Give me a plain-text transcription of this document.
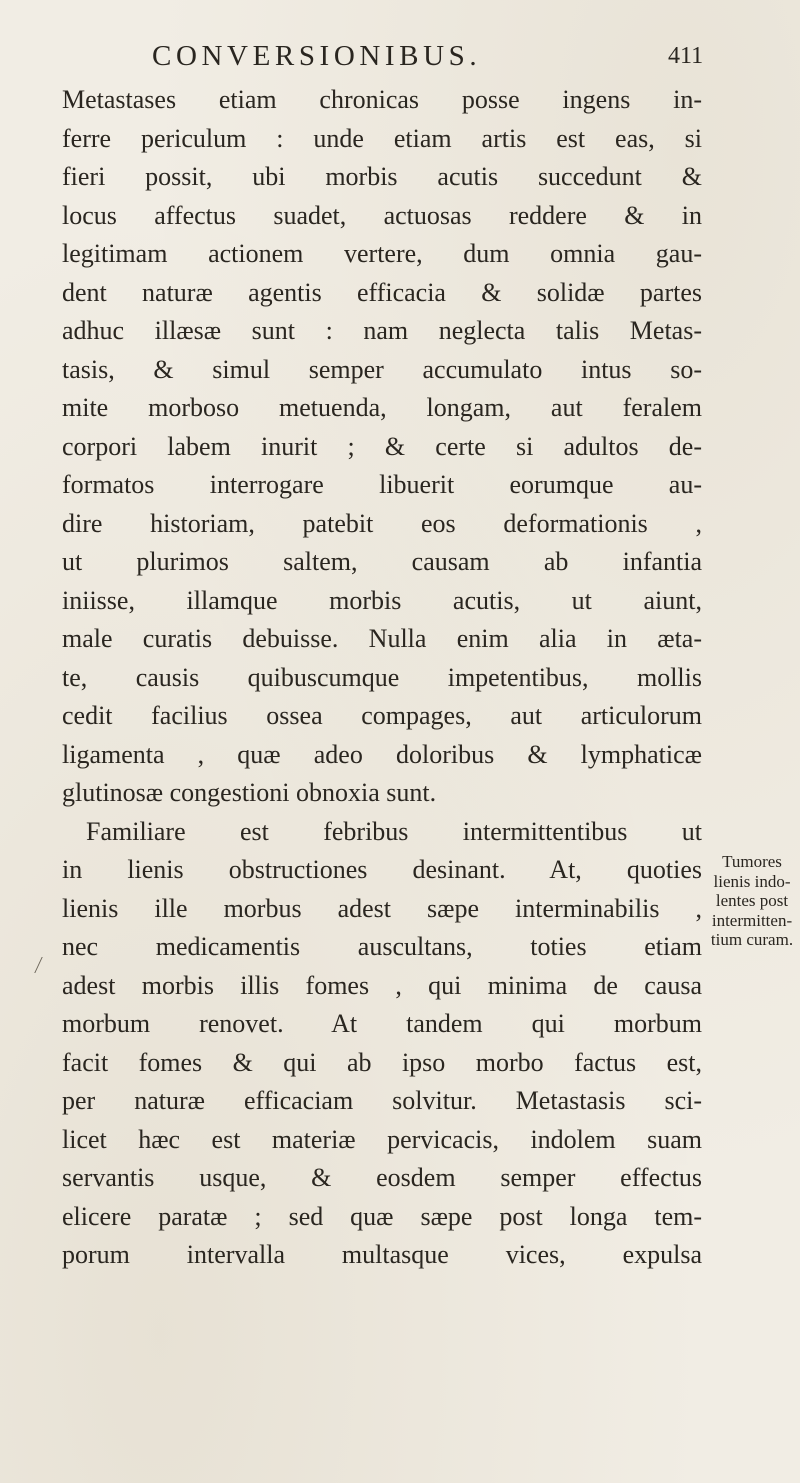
CONVERSIONIBUS.	411
Metastases etiam chronicas posse ingens in-
ferre periculum : unde etiam artis est eas, si
fieri possit, ubi morbis acutis succedunt &
locus affectus suadet, actuosas reddere & in
legitimam actionem vertere, dum omnia gau-
dent naturæ agentis efficacia & solidæ partes
adhuc illæsæ sunt : nam neglecta talis Metas-
tasis, & simul semper accumulato intus so-
mite morboso metuenda, longam, aut feralem
corpori labem inurit ; & certe si adultos de-
formatos interrogare libuerit eorumque au-
dire historiam, patebit eos deformationis ,
ut plurimos saltem, causam ab infantia
iniisse, illamque morbis acutis, ut aiunt,
male curatis debuisse. Nulla enim alia in æta-
te, causis quibuscumque impetentibus, mollis
cedit facilius ossea compages, aut articulorum
ligamenta , quæ adeo doloribus & lymphaticæ
glutinosæ congestioni obnoxia sunt.
Familiare est febribus intermittentibus ut
in lienis obstructiones desinant. At, quoties
lienis ille morbus adest sæpe interminabilis ,
nec medicamentis auscultans, toties etiam
adest morbis illis fomes , qui minima de causa
morbum renovet. At tandem qui morbum
facit fomes & qui ab ipso morbo factus est,
per naturæ efficaciam solvitur. Metastasis sci-
licet hæc est materiæ pervicacis, indolem suam
servantis usque, & eosdem semper effectus
elicere paratæ ; sed quæ sæpe post longa tem-
porum intervalla multasque vices, expulsa
Tumores
lienis indo-
lentes post
intermitten-
tium curam.
